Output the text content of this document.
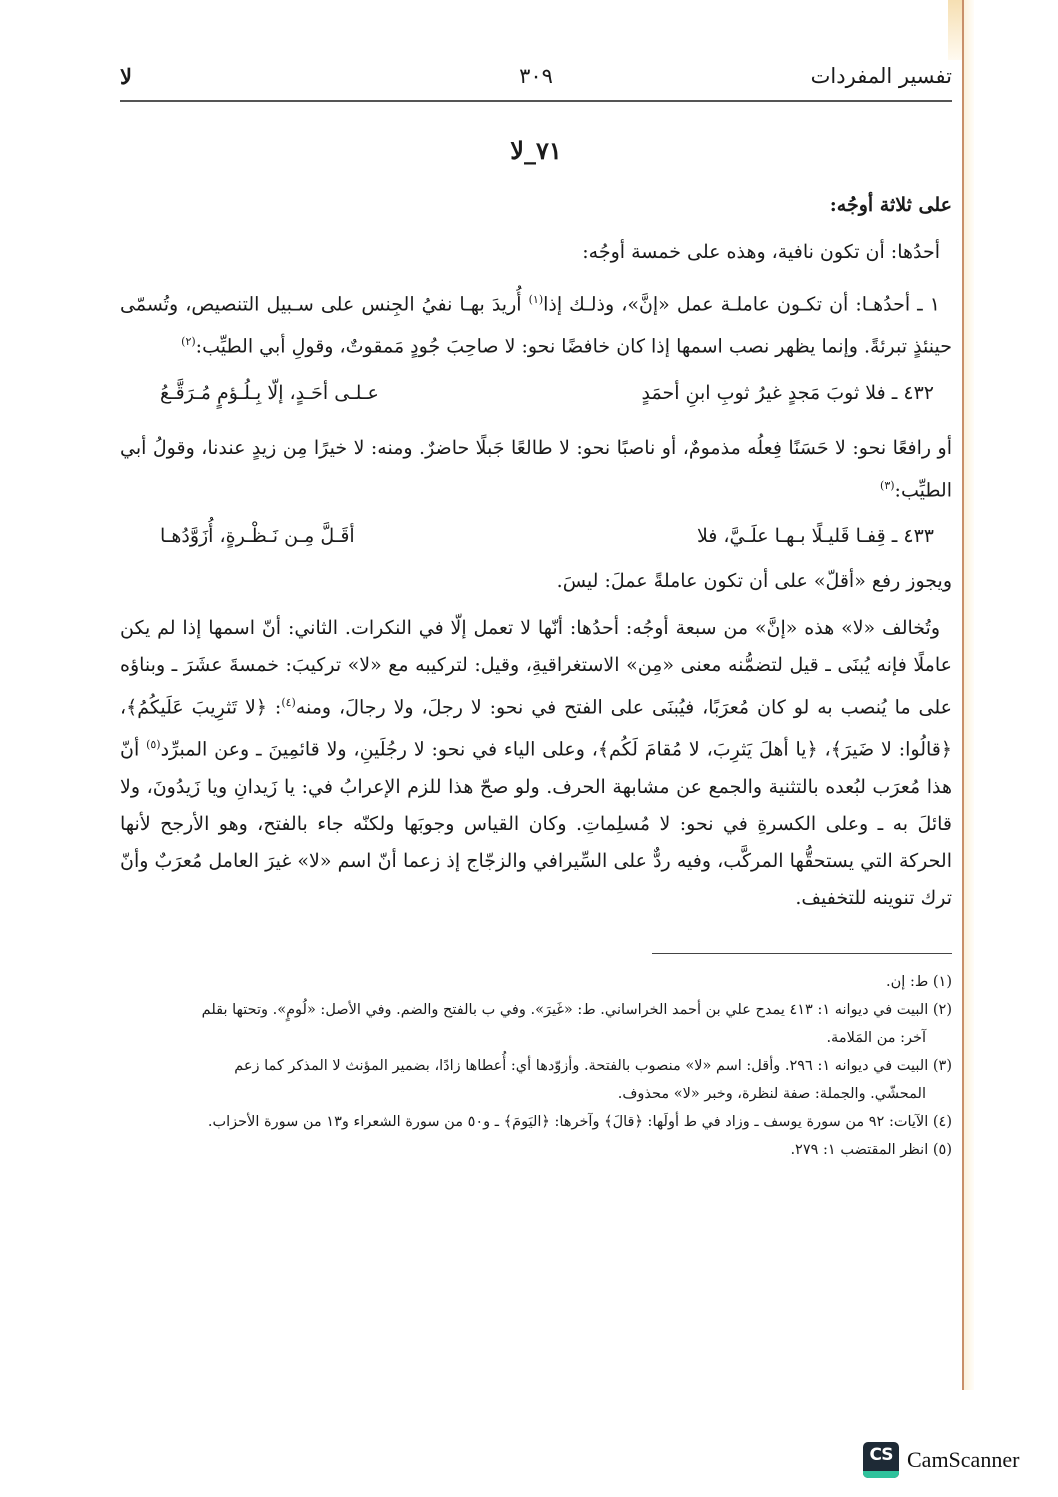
تفسير المفردات
٣٠٩
لا
٧١_لا

على ثلاثة أوجُه:

أحدُها: أن تكون نافية، وهذه على خمسة أوجُه:

١ ـ أحدُهـا: أن تكـون عاملـة عمل «إنَّ»، وذلـك إذا$^{(١)}$ أُريدَ بهـا نفيُ الجِنس على سـبيل التنصيص، وتُسمّى حينئذٍ تبرئةً. وإنما يظهر نصب اسمها إذا كان خافضًا نحو: لا صاحِبَ جُودٍ مَمقوتٌ، وقولِ أبي الطيِّب:$^{(٢)}$

٤٣٢ ـ فلا ثوبَ مَجدٍ غيرُ ثوبِ ابنِ أحمَدٍ
عـلـى أحَـدٍ، إلّا بِـلُـؤمٍ مُـرَقَّـعُ

أو رافعًا نحو: لا حَسَنًا فِعلُه مذمومٌ، أو ناصبًا نحو: لا طالعًا جَبلًا حاضرٌ. ومنه: لا خيرًا مِن زيدٍ عندنا، وقولُ أبي الطيِّب:$^{(٣)}$

٤٣٣ ـ قِفـا قَليـلًا بـهـا علَـيَّ، فلا
أقَـلَّ مِـن نَـظْـرةٍ، أُزَوَّدُهـا

ويجوز رفع «أقلّ» على أن تكون عاملةً عملَ: ليسَ.

وتُخالف «لا» هذه «إنَّ» من سبعة أوجُه: أحدُها: أنّها لا تعمل إلّا في النكرات. الثاني: أنّ اسمها إذا لم يكن عاملًا فإنه يُبنَى ـ قيل لتضمُّنه معنى «مِن» الاستغراقيةِ، وقيل: لتركيبه مع «لا» تركيبَ: خمسةَ عشَرَ ـ وبناؤه على ما يُنصب به لو كان مُعرَبًا، فيُبنَى على الفتح في نحو: لا رجلَ، ولا رجالَ، ومنه$^{(٤)}$: ﴿لا تَثرِيبَ عَلَيكُمُ﴾، ﴿قالُوا: لا ضَيرَ﴾، ﴿يا أهلَ يَثرِبَ، لا مُقامَ لَكُم﴾، وعلى الياء في نحو: لا رجُلَينِ، ولا قائمِينَ ـ وعن المبرِّد$^{(٥)}$ أنّ هذا مُعرَب لبُعده بالتثنية والجمع عن مشابهة الحرف. ولو صحّ هذا للزم الإعرابُ في: يا زَيدانِ ويا زَيدُونَ، ولا قائلَ به ـ وعلى الكسرةِ في نحو: لا مُسلِماتِ. وكان القياس وجوبَها ولكنّه جاء بالفتح، وهو الأرجح لأنها الحركة التي يستحقُّها المركَّب، وفيه ردٌّ على السِّيرافي والزجّاج إذ زعما أنّ اسم «لا» غيرَ العامل مُعرَبٌ وأنّ ترك تنوينه للتخفيف.

(١) ط: إن.

(٢) البيت في ديوانه ١: ٤١٣ يمدح علي بن أحمد الخراساني. ط: «غَيرَ». وفي ب بالفتح والضم. وفي الأصل: «لُومٍ». وتحتها بقلم
آخر: من المَلامة.

(٣) البيت في ديوانه ١: ٢٩٦. وأقل: اسم «لا» منصوب بالفتحة. وأزوّدها أي: أُعطاها زادًا، بضمير المؤنث لا المذكر كما زعم
المحشّي. والجملة: صفة لنظرة، وخبر «لا» محذوف.

(٤) الآيات: ٩٢ من سورة يوسف ـ وزاد في ط أولَها: ﴿قالَ﴾ وآخرها: ﴿اليَومَ﴾ ـ و٥٠ من سورة الشعراء و١٣ من سورة الأحزاب.

(٥) انظر المقتضب ١: ٢٧٩.

CS CamScanner
